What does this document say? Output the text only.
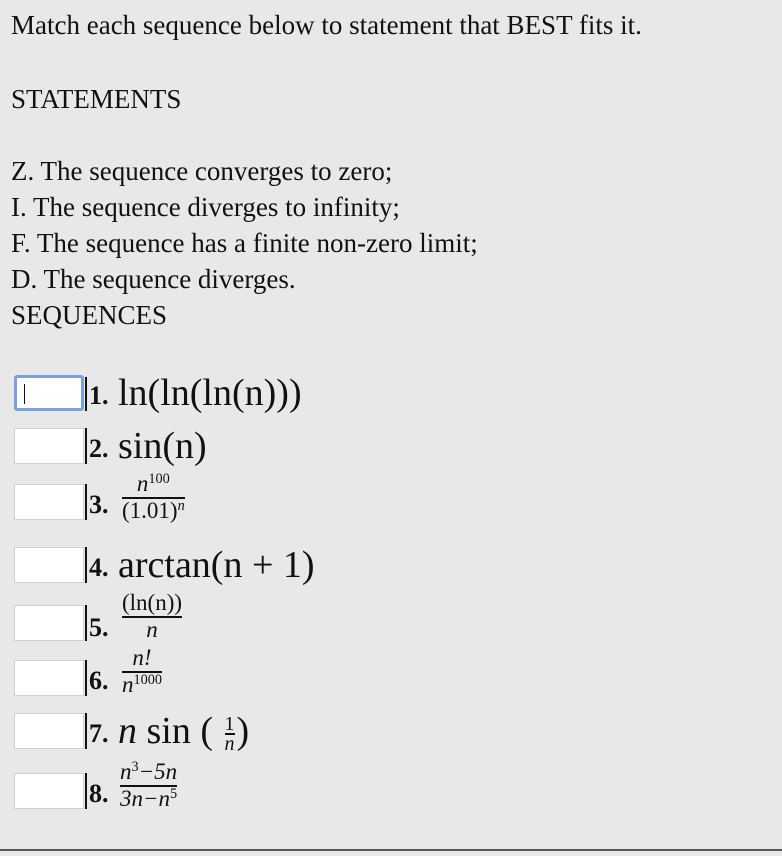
Match each sequence below to statement that BEST fits it.
STATEMENTS
Z. The sequence converges to zero;
I. The sequence diverges to infinity;
F. The sequence has a finite non-zero limit;
D. The sequence diverges.
SEQUENCES
1. ln(ln(ln(n)))
2. sin(n)
3. $\frac{n^{100}}{(1.01)^n}$
4. arctan(n + 1)
5. $\frac{(\ln(n))}{n}$
6. $\frac{n!}{n^{1000}}$
7. n sin ( $\frac{1}{n}$ )
8. $\frac{n^3-5n}{3n-n^5}$
